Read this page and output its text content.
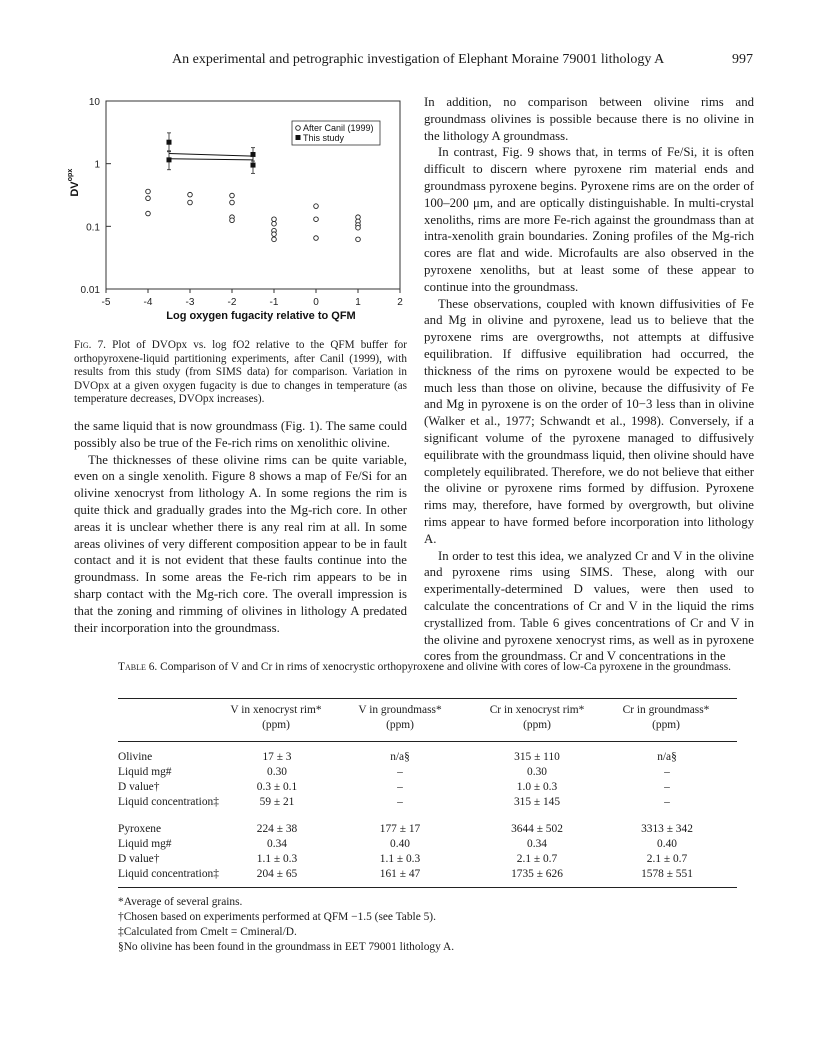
An experimental and petrographic investigation of Elephant Moraine 79001 lithology A	997
10
1
0.1
0.01
-5	-4	-3	-2	-1	0	1	2
Log oxygen fugacity relative to QFM
DV
opx
After Canil (1999)
This study
Fig. 7. Plot of DVOpx vs. log fO2 relative to the QFM buffer for orthopyroxene-liquid partitioning experiments, after Canil (1999), with results from this study (from SIMS data) for comparison. Variation in DVOpx at a given oxygen fugacity is due to changes in temperature (as temperature decreases, DVOpx increases).

the same liquid that is now groundmass (Fig. 1). The same could possibly also be true of the Fe-rich rims on xenolithic olivine.

The thicknesses of these olivine rims can be quite variable, even on a single xenolith. Figure 8 shows a map of Fe/Si for an olivine xenocryst from lithology A. In some regions the rim is quite thick and gradually grades into the Mg-rich core. In other areas it is unclear whether there is any real rim at all. In some areas olivines of very different composition appear to be in fault contact and it is not evident that these faults continue into the groundmass. In some areas the Fe-rich rim appears to be in sharp contact with the Mg-rich core. The overall impression is that the zoning and rimming of olivines in lithology A predated their incorporation into the groundmass.

In addition, no comparison between olivine rims and groundmass olivines is possible because there is no olivine in the lithology A groundmass.

In contrast, Fig. 9 shows that, in terms of Fe/Si, it is often difficult to discern where pyroxene rim material ends and groundmass pyroxene begins. Pyroxene rims are on the order of 100–200 μm, and are optically distinguishable. In multi-crystal xenoliths, rims are more Fe-rich against the groundmass than at intra-xenolith grain boundaries. Zoning profiles of the Mg-rich cores are flat and wide. Microfaults are also observed in the pyroxene xenoliths, but at least some of these appear to continue into the groundmass.

These observations, coupled with known diffusivities of Fe and Mg in olivine and pyroxene, lead us to believe that the pyroxene rims are overgrowths, not attempts at diffusive equilibration. If diffusive equilibration had occurred, the thickness of the rims on pyroxene would be expected to be much less than those on olivine, because the diffusivity of Fe and Mg in pyroxene is on the order of 10−3 less than in olivine (Walker et al., 1977; Schwandt et al., 1998). Conversely, if a significant volume of the pyroxene managed to diffusively equilibrate with the groundmass liquid, then olivine should have completely equilibrated. Therefore, we do not believe that either the olivine or pyroxene rims formed by diffusion. Pyroxene rims may, therefore, have formed by overgrowth, but olivine rims appear to have formed before incorporation into lithology A.

In order to test this idea, we analyzed Cr and V in the olivine and pyroxene rims using SIMS. These, along with our experimentally-determined D values, were then used to calculate the concentrations of Cr and V in the liquid the rims crystallized from. Table 6 gives concentrations of Cr and V in the olivine and pyroxene xenocryst rims, as well as in pyroxene cores from the groundmass. Cr and V concentrations in the

Table 6. Comparison of V and Cr in rims of xenocrystic orthopyroxene and olivine with cores of low-Ca pyroxene in the groundmass.
V in xenocryst rim*
(ppm)
V in groundmass*
(ppm)
Cr in xenocryst rim*
(ppm)
Cr in groundmass*
(ppm)
Olivine	17 ± 3	n/a§	315 ± 110	n/a§
Liquid mg#	0.30	–	0.30	–
D value†	0.3 ± 0.1	–	1.0 ± 0.3	–
Liquid concentration‡	59 ± 21	–	315 ± 145	–
Pyroxene	224 ± 38	177 ± 17	3644 ± 502	3313 ± 342
Liquid mg#	0.34	0.40	0.34	0.40
D value†	1.1 ± 0.3	1.1 ± 0.3	2.1 ± 0.7	2.1 ± 0.7
Liquid concentration‡	204 ± 65	161 ± 47	1735 ± 626	1578 ± 551
*Average of several grains.
†Chosen based on experiments performed at QFM −1.5 (see Table 5).
‡Calculated from Cmelt = Cmineral/D.
§No olivine has been found in the groundmass in EET 79001 lithology A.
